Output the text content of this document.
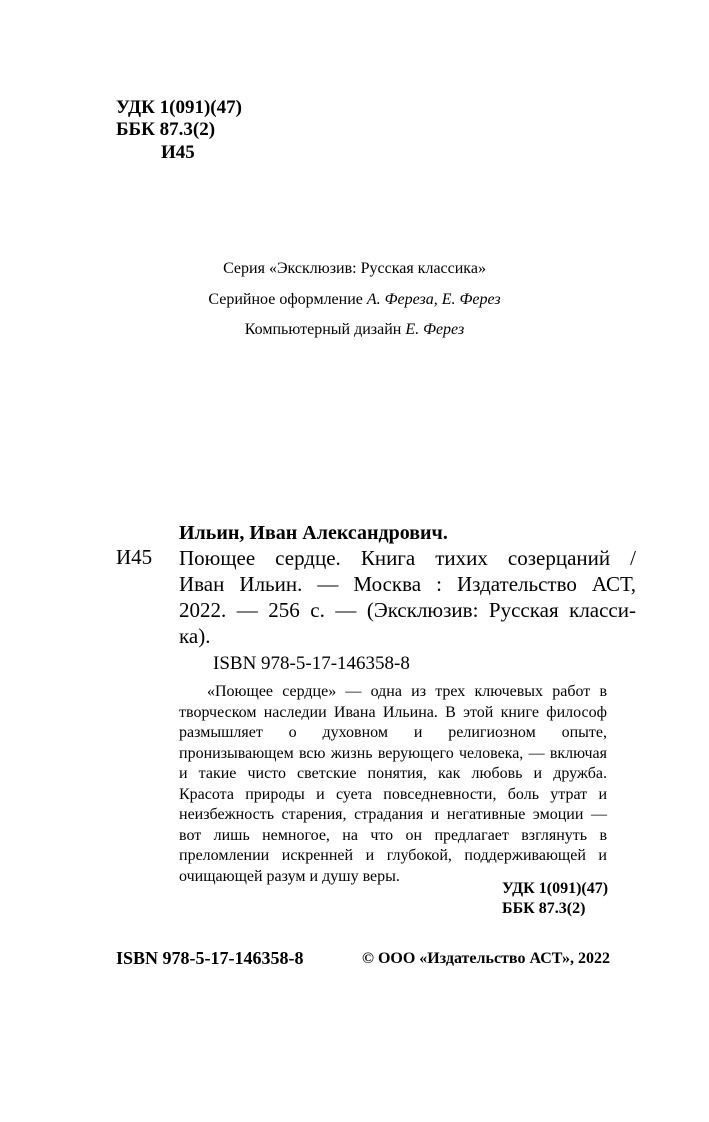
УДК 1(091)(47)
ББК 87.3(2)
И45
Серия «Эксклюзив: Русская классика»
Серийное оформление А. Фереза, Е. Ферез
Компьютерный дизайн Е. Ферез
Ильин, Иван Александрович.
И45 Поющее сердце. Книга тихих созерцаний /
Иван Ильин. — Москва : Издательство АСТ,
2022. — 256 с. — (Эксклюзив: Русская класси-
ка).
ISBN 978-5-17-146358-8

«Поющее сердце» — одна из трех ключевых работ в творческом наследии Ивана Ильина. В этой книге философ размышляет о духовном и религиозном опыте, пронизывающем всю жизнь верующего человека, — включая и такие чисто светские понятия, как любовь и дружба. Красота природы и суета повседневности, боль утрат и неизбежность старения, страдания и негативные эмоции — вот лишь немногое, на что он предлагает взглянуть в преломлении искренней и глубокой, поддерживающей и очищающей разум и душу веры.

УДК 1(091)(47)
ББК 87.3(2)
ISBN 978-5-17-146358-8	© ООО «Издательство АСТ», 2022
